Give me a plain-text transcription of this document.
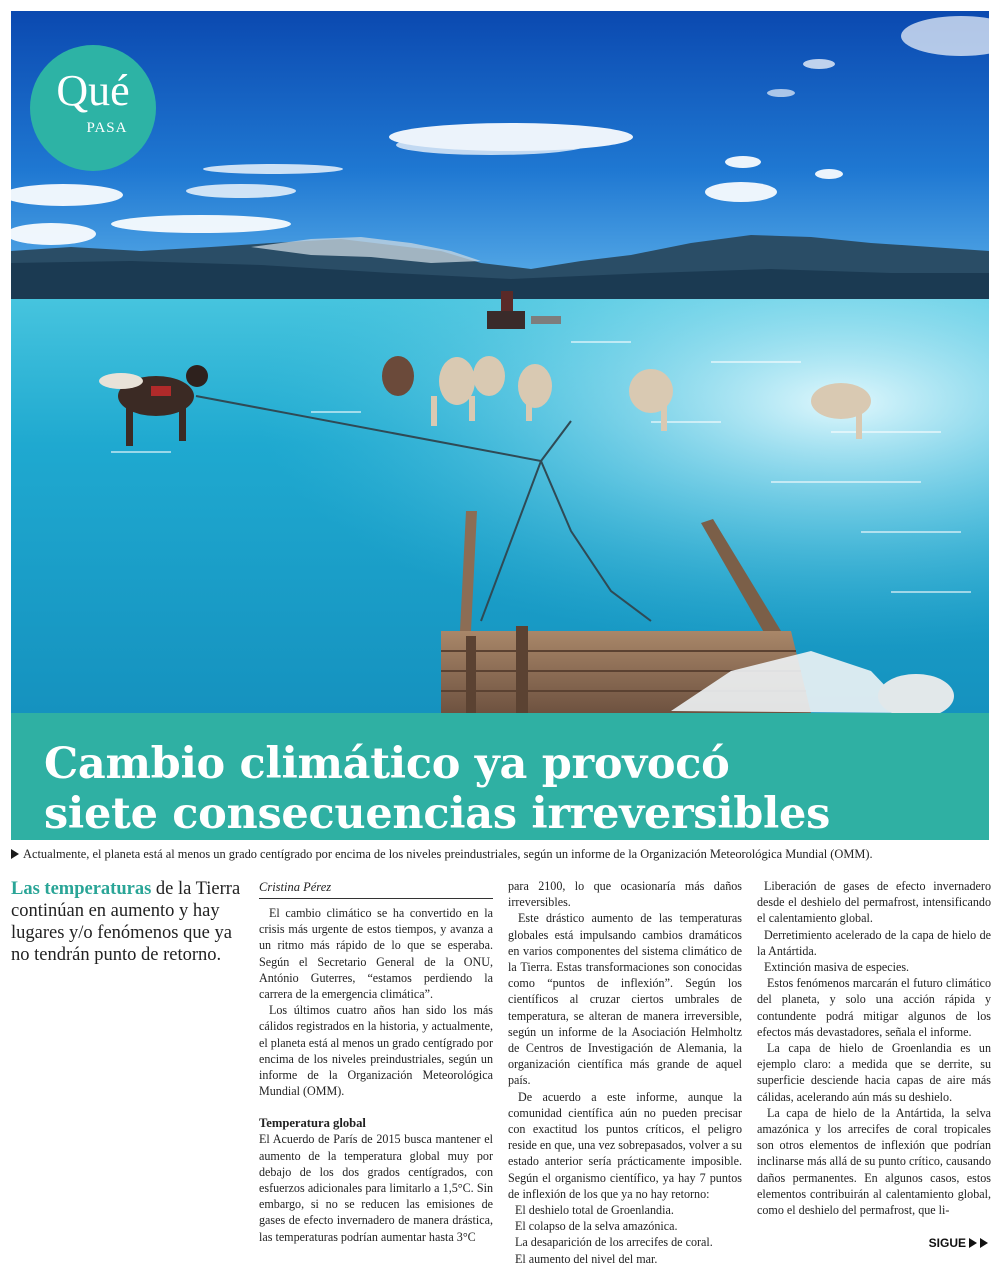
Qué
PASA
Cambio climático ya provocó
siete consecuencias irreversibles
Actualmente, el planeta está al menos un grado centígrado por encima de los niveles preindustriales, según un informe de la Organización Meteorológica Mundial (OMM).
Las temperaturas de la Tierra continúan en aumento y hay lugares y/o fenómenos que ya no tendrán punto de retorno.
Cristina Pérez

El cambio climático se ha convertido en la crisis más urgente de estos tiempos, y avanza a un ritmo más rápido de lo que se esperaba. Según el Secretario General de la ONU, António Guterres, “estamos perdiendo la carrera de la emergencia climática”.

Los últimos cuatro años han sido los más cálidos registrados en la historia, y actualmente, el planeta está al menos un grado centígrado por encima de los niveles preindustriales, según un informe de la Organización Meteorológica Mundial (OMM).

Temperatura global

El Acuerdo de París de 2015 busca mantener el aumento de la temperatura global muy por debajo de los dos grados centígrados, con esfuerzos adicionales para limitarlo a 1,5°C. Sin embargo, si no se reducen las emisiones de gases de efecto invernadero de manera drástica, las temperaturas podrían aumentar hasta 3°C

para 2100, lo que ocasionaría más daños irreversibles.

Este drástico aumento de las temperaturas globales está impulsando cambios dramáticos en varios componentes del sistema climático de la Tierra. Estas transformaciones son conocidas como “puntos de inflexión”. Según los científicos al cruzar ciertos umbrales de temperatura, se alteran de manera irreversible, según un informe de la Asociación Helmholtz de Centros de Investigación de Alemania, la organización científica más grande de aquel país.

De acuerdo a este informe, aunque la comunidad científica aún no pueden precisar con exactitud los puntos críticos, el peligro reside en que, una vez sobrepasados, volver a su estado anterior sería prácticamente imposible. Según el organismo científico, ya hay 7 puntos de inflexión de los que ya no hay retorno:

El deshielo total de Groenlandia.

El colapso de la selva amazónica.

La desaparición de los arrecifes de coral.

El aumento del nivel del mar.

Liberación de gases de efecto invernadero desde el deshielo del permafrost, intensificando el calentamiento global.

Derretimiento acelerado de la capa de hielo de la Antártida.

Extinción masiva de especies.

Estos fenómenos marcarán el futuro climático del planeta, y solo una acción rápida y contundente podrá mitigar algunos de los efectos más devastadores, señala el informe.

La capa de hielo de Groenlandia es un ejemplo claro: a medida que se derrite, su superficie desciende hacia capas de aire más cálidas, acelerando aún más su deshielo.

La capa de hielo de la Antártida, la selva amazónica y los arrecifes de coral tropicales son otros elementos de inflexión que podrían inclinarse más allá de su punto crítico, causando daños permanentes. En algunos casos, estos elementos contribuirán al calentamiento global, como el deshielo del permafrost, que li-

SIGUE
